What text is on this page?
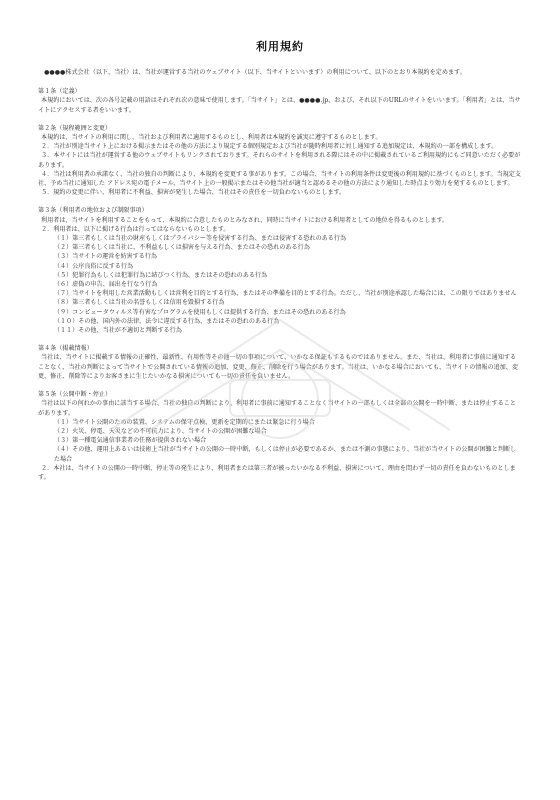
利用規約

●●●●株式会社（以下、当社）は、当社が運営する当社のウェブサイト（以下、当サイトといいます）の利用について、以下のとおり本規約を定めます。

第１条（定義）

本規約においては、次の各号記載の用語はそれぞれ次の意味で使用します。「当サイト」とは、●●●●.jp、および、それ以下のURLのサイトをいいます。「利用者」とは、当サイトにアクセスする者をいいます。

第２条（規程範囲と変更）

本規約は、当サイトの利用に関し、当社および利用者に適用するものとし、利用者は本規約を誠実に遵守するものとします。

２．当社が別途当サイト上における掲示またはその他の方法により規定する個別規定および当社が随時利用者に対し通知する追加規定は、本規約の一部を構成します。

３．本サイトには当社が運営する他のウェブサイトもリンクされております。それらのサイトを利用される際にはその中に掲載されているご利用規約にもご同意いただく必要があります。

４．当社は利用者の承諾なく、当社の独自の判断により、本規約を変更する事があります。この場合、当サイトの利用条件は変更後の利用規約に基づくものとします。当規定支社、予め当社に通知した アドレス宛の電子メール、当サイト上の一般掲示またはその他当社が適当と認めるその他の方法により通知した時点より効力を発するものとします。

５．規約の変更に伴い、利用者に不利益、損害が発生した場合、当社はその責任を一切負わないものとします。

第３条（利用者の地位および制限事項）

利用者は、当サイトを利用することをもって、本規約に合意したものとみなされ、同時に当サイトにおける利用者としての地位を得るものとします。

２．利用者は、以下に掲げる行為は行ってはならないものとします。

（１）第三者もしくは当社の財産もしくはプライバシー等を侵害する行為、または侵害する恐れのある行為

（２）第三者もしくは当社に、不利益もしくは損害を与える行為、またはその恐れのある行為

（３）当サイトの運営を妨害する行為

（４）公序良俗に反する行為

（５）犯罪行為もしくは犯罪行為に結びつく行為、またはその恐れのある行為

（６）虚偽の申告、届出を行なう行為

（７）当サイトを利用した営業活動もしくは営利を目的とする行為、またはその準備を目的とする行為。ただし、当社が別途承認した場合には、この限りではありません

（８）第三者もしくは当社の名誉もしくは信用を毀損する行為

（９）コンピュータウィルス等有害なプログラムを使用もしくは提供する行為、またはその恐れのある行為

（１０）その他、国内外の法律、法令に違反する行為、またはその恐れのある行為

（１１）その他、当社が不適切と判断する行為

第４条（掲載情報）

当社は、当サイトに掲載する情報の正確性、最新性、有用性等その他一切の事項について、いかなる保証もするものではありません。また、当社は、利用者に事前に通知することなく、当社の判断によって当サイトで公開されている情報の追加、変更、修正、削除を行う場合があります。当社は、いかなる場合においても、当サイトの情報の追加、変更、修正、削除等によりお客さまに生じたいかなる損害についても一切の責任を負いません。

第５条（公開中断・停止）

当社は以下の何れかの事由に該当する場合、当社の独自の判断により、利用者に事前に通知することなく当サイトの一部もしくは全部の公開を一時中断、または停止することがあります。

（１）当サイト公開のための装置、システムの保守点検、更新を定期的にまたは緊急に行う場合

（２）火災、停電、天災などの不可抗力により、当サイトの公開が困難な場合

（３）第一種電気通信事業者の任務が提供されない場合

（４）その他、運用上あるいは技術上当社が当サイトの公開の一時中断、もしくは停止が必要であるか、または不測の事態により、当社が当サイトの公開が困難と判断した場合

２．本社は、当サイトの公開の一時中断、停止等の発生により、利用者または第三者が被ったいかなる不利益、損害について、理由を問わず一切の責任を負わないものとします。
